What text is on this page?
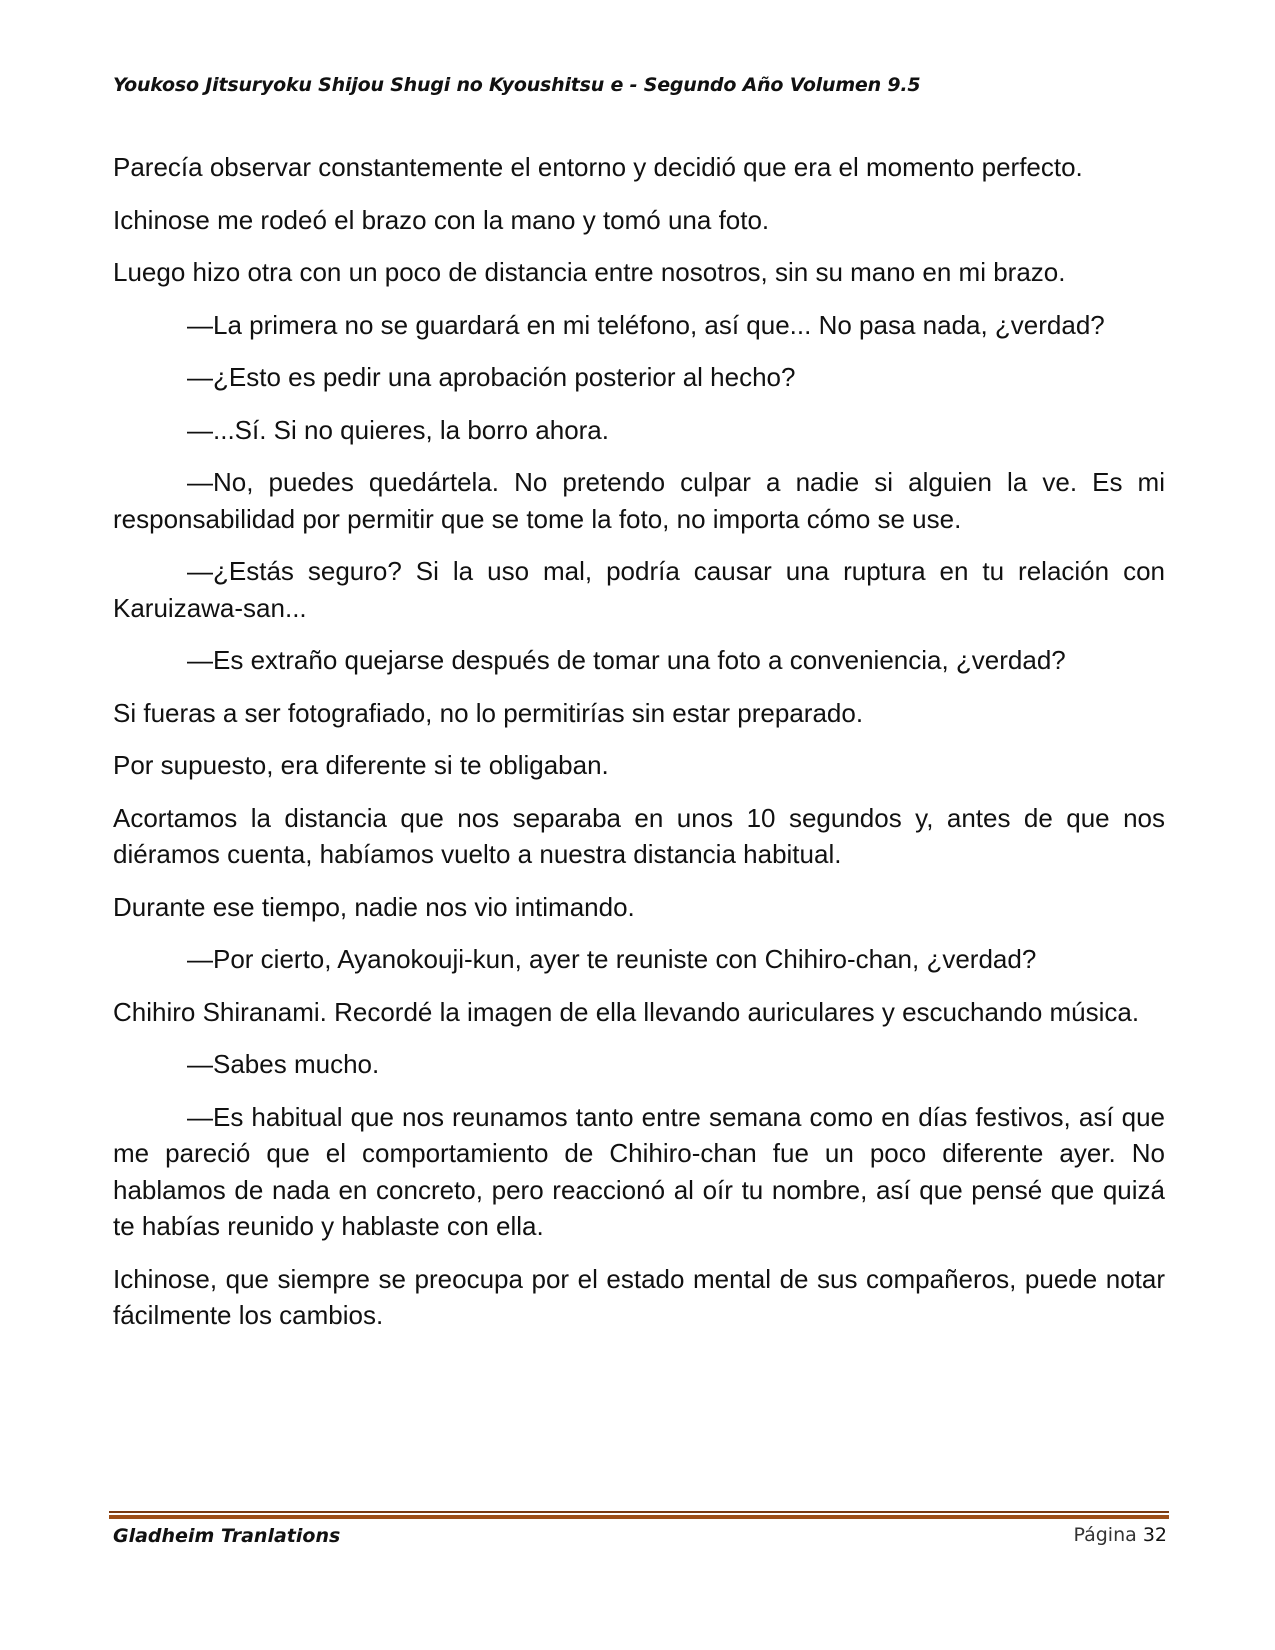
Youkoso Jitsuryoku Shijou Shugi no Kyoushitsu e - Segundo Año Volumen 9.5

Parecía observar constantemente el entorno y decidió que era el momento perfecto.

Ichinose me rodeó el brazo con la mano y tomó una foto.

Luego hizo otra con un poco de distancia entre nosotros, sin su mano en mi brazo.

—La primera no se guardará en mi teléfono, así que... No pasa nada, ¿verdad?

—¿Esto es pedir una aprobación posterior al hecho?

—...Sí. Si no quieres, la borro ahora.

—No, puedes quedártela. No pretendo culpar a nadie si alguien la ve. Es mi responsabilidad por permitir que se tome la foto, no importa cómo se use.

—¿Estás seguro? Si la uso mal, podría causar una ruptura en tu relación con Karuizawa-san...

—Es extraño quejarse después de tomar una foto a conveniencia, ¿verdad?

Si fueras a ser fotografiado, no lo permitirías sin estar preparado.

Por supuesto, era diferente si te obligaban.

Acortamos la distancia que nos separaba en unos 10 segundos y, antes de que nos diéramos cuenta, habíamos vuelto a nuestra distancia habitual.

Durante ese tiempo, nadie nos vio intimando.

—Por cierto, Ayanokouji-kun, ayer te reuniste con Chihiro-chan, ¿verdad?

Chihiro Shiranami. Recordé la imagen de ella llevando auriculares y escuchando música.

—Sabes mucho.

—Es habitual que nos reunamos tanto entre semana como en días festivos, así que me pareció que el comportamiento de Chihiro-chan fue un poco diferente ayer. No hablamos de nada en concreto, pero reaccionó al oír tu nombre, así que pensé que quizá te habías reunido y hablaste con ella.

Ichinose, que siempre se preocupa por el estado mental de sus compañeros, puede notar fácilmente los cambios.

Gladheim Tranlations	Página 32
